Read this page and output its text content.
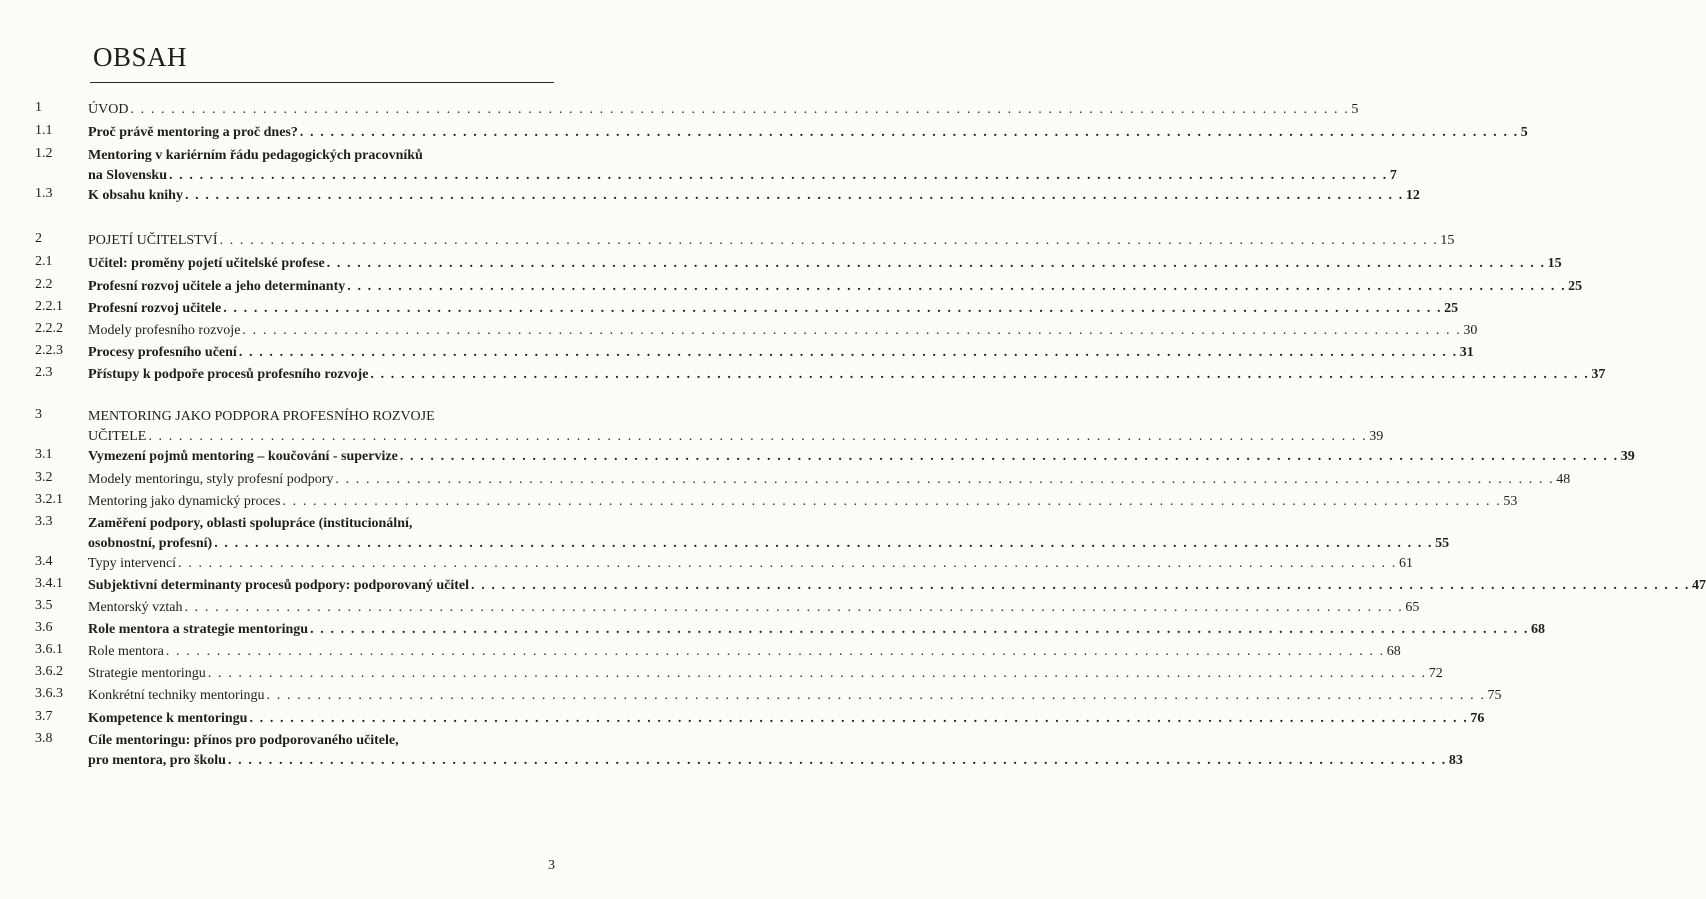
OBSAH
1	ÚVOD . . . . . . . . . . . . . . . . . . . . . . . . . . . . . . . . . . . . . . . . . . . . . . . . . . . . . . . . . . . . . . . . . . . . . . . . . . . . . . . . . . . . . . . . . . . . . . . . . . . . . . . . . . . . . . . . . . . . . . . . 5
1.1	Proč právě mentoring a proč dnes? . . . . . . . . . . . . . . . . . . . . . . . . . . . . . . . . . . . . . . . . . . . . . . . . . . . . . . . . . . . . . . . . . . . . . . . . . . . . . . . . . . . . . . . . . . . . . . . . . . . . . . . . . . . . . . . . . . . . . . . . 5
1.2	Mentoring v kariérním řádu pedagogických pracovníků
na Slovensku . . . . . . . . . . . . . . . . . . . . . . . . . . . . . . . . . . . . . . . . . . . . . . . . . . . . . . . . . . . . . . . . . . . . . . . . . . . . . . . . . . . . . . . . . . . . . . . . . . . . . . . . . . . . . . . . . . . . . . . . 7
1.3	K obsahu knihy . . . . . . . . . . . . . . . . . . . . . . . . . . . . . . . . . . . . . . . . . . . . . . . . . . . . . . . . . . . . . . . . . . . . . . . . . . . . . . . . . . . . . . . . . . . . . . . . . . . . . . . . . . . . . . . . . . . . . . . . 12
2	POJETÍ UČITELSTVÍ . . . . . . . . . . . . . . . . . . . . . . . . . . . . . . . . . . . . . . . . . . . . . . . . . . . . . . . . . . . . . . . . . . . . . . . . . . . . . . . . . . . . . . . . . . . . . . . . . . . . . . . . . . . . . . . . . . . . . . . . 15
2.1	Učitel: proměny pojetí učitelské profese . . . . . . . . . . . . . . . . . . . . . . . . . . . . . . . . . . . . . . . . . . . . . . . . . . . . . . . . . . . . . . . . . . . . . . . . . . . . . . . . . . . . . . . . . . . . . . . . . . . . . . . . . . . . . . . . . . . . . . . . 15
2.2	Profesní rozvoj učitele a jeho determinanty . . . . . . . . . . . . . . . . . . . . . . . . . . . . . . . . . . . . . . . . . . . . . . . . . . . . . . . . . . . . . . . . . . . . . . . . . . . . . . . . . . . . . . . . . . . . . . . . . . . . . . . . . . . . . . . . . . . . . . . . 25
2.2.1 Profesní rozvoj učitele . . . . . . . . . . . . . . . . . . . . . . . . . . . . . . . . . . . . . . . . . . . . . . . . . . . . . . . . . . . . . . . . . . . . . . . . . . . . . . . . . . . . . . . . . . . . . . . . . . . . . . . . . . . . . . . . . . . . . . . . 25
2.2.2 Modely profesního rozvoje . . . . . . . . . . . . . . . . . . . . . . . . . . . . . . . . . . . . . . . . . . . . . . . . . . . . . . . . . . . . . . . . . . . . . . . . . . . . . . . . . . . . . . . . . . . . . . . . . . . . . . . . . . . . . . . . . . . . . . . . 30
2.2.3 Procesy profesního učení . . . . . . . . . . . . . . . . . . . . . . . . . . . . . . . . . . . . . . . . . . . . . . . . . . . . . . . . . . . . . . . . . . . . . . . . . . . . . . . . . . . . . . . . . . . . . . . . . . . . . . . . . . . . . . . . . . . . . . . . 31
2.3	Přístupy k podpoře procesů profesního rozvoje . . . . . . . . . . . . . . . . . . . . . . . . . . . . . . . . . . . . . . . . . . . . . . . . . . . . . . . . . . . . . . . . . . . . . . . . . . . . . . . . . . . . . . . . . . . . . . . . . . . . . . . . . . . . . . . . . . . . . . . . 37
3	MENTORING JAKO PODPORA PROFESNÍHO ROZVOJE
UČITELE . . . . . . . . . . . . . . . . . . . . . . . . . . . . . . . . . . . . . . . . . . . . . . . . . . . . . . . . . . . . . . . . . . . . . . . . . . . . . . . . . . . . . . . . . . . . . . . . . . . . . . . . . . . . . . . . . . . . . . . . 39
3.1	Vymezení pojmů mentoring – koučování - supervize . . . . . . . . . . . . . . . . . . . . . . . . . . . . . . . . . . . . . . . . . . . . . . . . . . . . . . . . . . . . . . . . . . . . . . . . . . . . . . . . . . . . . . . . . . . . . . . . . . . . . . . . . . . . . . . . . . . . . . . . 39
3.2	Modely mentoringu, styly profesní podpory . . . . . . . . . . . . . . . . . . . . . . . . . . . . . . . . . . . . . . . . . . . . . . . . . . . . . . . . . . . . . . . . . . . . . . . . . . . . . . . . . . . . . . . . . . . . . . . . . . . . . . . . . . . . . . . . . . . . . . . . 48
3.2.1 Mentoring jako dynamický proces . . . . . . . . . . . . . . . . . . . . . . . . . . . . . . . . . . . . . . . . . . . . . . . . . . . . . . . . . . . . . . . . . . . . . . . . . . . . . . . . . . . . . . . . . . . . . . . . . . . . . . . . . . . . . . . . . . . . . . . . 53
3.3	Zaměření podpory, oblasti spolupráce (institucionální,
osobnostní, profesní) . . . . . . . . . . . . . . . . . . . . . . . . . . . . . . . . . . . . . . . . . . . . . . . . . . . . . . . . . . . . . . . . . . . . . . . . . . . . . . . . . . . . . . . . . . . . . . . . . . . . . . . . . . . . . . . . . . . . . . . . 55
3.4	Typy intervencí . . . . . . . . . . . . . . . . . . . . . . . . . . . . . . . . . . . . . . . . . . . . . . . . . . . . . . . . . . . . . . . . . . . . . . . . . . . . . . . . . . . . . . . . . . . . . . . . . . . . . . . . . . . . . . . . . . . . . . . . 61
3.4.1 Subjektivní determinanty procesů podpory: podporovaný učitel . . . . . . . . . . . . . . . . . . . . . . . . . . . . . . . . . . . . . . . . . . . . . . . . . . . . . . . . . . . . . . . . . . . . . . . . . . . . . . . . . . . . . . . . . . . . . . . . . . . . . . . . . . . . . . . . . . . . . . . . 47
3.5	Mentorský vztah . . . . . . . . . . . . . . . . . . . . . . . . . . . . . . . . . . . . . . . . . . . . . . . . . . . . . . . . . . . . . . . . . . . . . . . . . . . . . . . . . . . . . . . . . . . . . . . . . . . . . . . . . . . . . . . . . . . . . . . . 65
3.6	Role mentora a strategie mentoringu . . . . . . . . . . . . . . . . . . . . . . . . . . . . . . . . . . . . . . . . . . . . . . . . . . . . . . . . . . . . . . . . . . . . . . . . . . . . . . . . . . . . . . . . . . . . . . . . . . . . . . . . . . . . . . . . . . . . . . . . 68
3.6.1 Role mentora . . . . . . . . . . . . . . . . . . . . . . . . . . . . . . . . . . . . . . . . . . . . . . . . . . . . . . . . . . . . . . . . . . . . . . . . . . . . . . . . . . . . . . . . . . . . . . . . . . . . . . . . . . . . . . . . . . . . . . . . 68
3.6.2 Strategie mentoringu . . . . . . . . . . . . . . . . . . . . . . . . . . . . . . . . . . . . . . . . . . . . . . . . . . . . . . . . . . . . . . . . . . . . . . . . . . . . . . . . . . . . . . . . . . . . . . . . . . . . . . . . . . . . . . . . . . . . . . . . 72
3.6.3 Konkrétní techniky mentoringu . . . . . . . . . . . . . . . . . . . . . . . . . . . . . . . . . . . . . . . . . . . . . . . . . . . . . . . . . . . . . . . . . . . . . . . . . . . . . . . . . . . . . . . . . . . . . . . . . . . . . . . . . . . . . . . . . . . . . . . . 75
3.7	Kompetence k mentoringu . . . . . . . . . . . . . . . . . . . . . . . . . . . . . . . . . . . . . . . . . . . . . . . . . . . . . . . . . . . . . . . . . . . . . . . . . . . . . . . . . . . . . . . . . . . . . . . . . . . . . . . . . . . . . . . . . . . . . . . . 76
3.8	Cíle mentoringu: přínos pro podporovaného učitele,
pro mentora, pro školu . . . . . . . . . . . . . . . . . . . . . . . . . . . . . . . . . . . . . . . . . . . . . . . . . . . . . . . . . . . . . . . . . . . . . . . . . . . . . . . . . . . . . . . . . . . . . . . . . . . . . . . . . . . . . . . . . . . . . . . . 83
3
